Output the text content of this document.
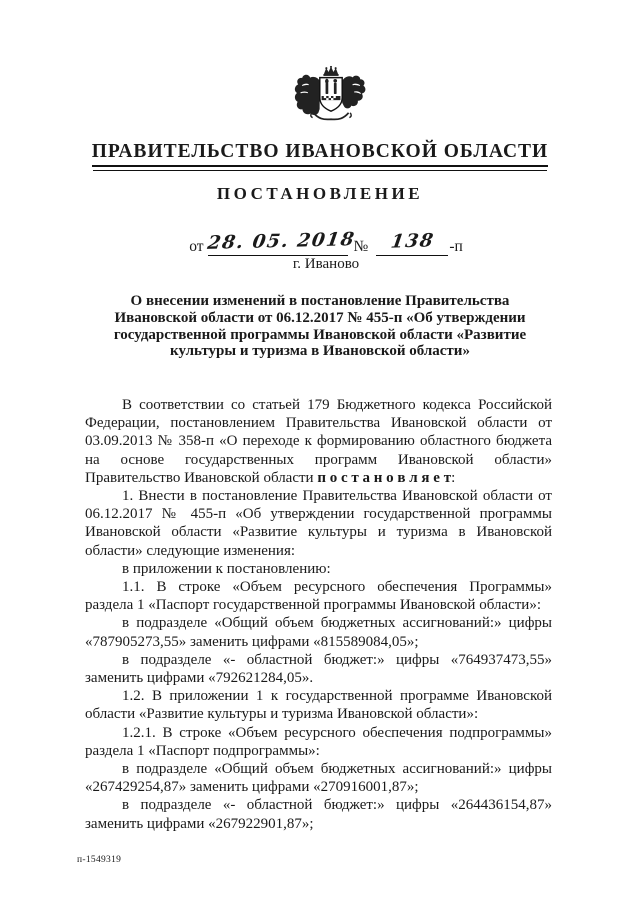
ПРАВИТЕЛЬСТВО ИВАНОВСКОЙ ОБЛАСТИ
ПОСТАНОВЛЕНИЕ
от 28. 05. 2018№ 138 -п
г. Иваново
О внесении изменений в постановление Правительства Ивановской области от 06.12.2017 № 455-п «Об утверждении государственной программы Ивановской области «Развитие культуры и туризма в Ивановской области»

В соответствии со статьей 179 Бюджетного кодекса Российской Федерации, постановлением Правительства Ивановской области от 03.09.2013 № 358-п «О переходе к формированию областного бюджета на основе государственных программ Ивановской области» Правительство Ивановской области п о с т а н о в л я е т:

1. Внести в постановление Правительства Ивановской области от 06.12.2017 № 455-п «Об утверждении государственной программы Ивановской области «Развитие культуры и туризма в Ивановской области» следующие изменения:

в приложении к постановлению:

1.1. В строке «Объем ресурсного обеспечения Программы» раздела 1 «Паспорт государственной программы Ивановской области»:

в подразделе «Общий объем бюджетных ассигнований:» цифры «787905273,55» заменить цифрами «815589084,05»;

в подразделе «- областной бюджет:» цифры «764937473,55» заменить цифрами «792621284,05».

1.2. В приложении 1 к государственной программе Ивановской области «Развитие культуры и туризма Ивановской области»:

1.2.1. В строке «Объем ресурсного обеспечения подпрограммы» раздела 1 «Паспорт подпрограммы»:

в подразделе «Общий объем бюджетных ассигнований:» цифры «267429254,87» заменить цифрами «270916001,87»;

в подразделе «- областной бюджет:» цифры «264436154,87» заменить цифрами «267922901,87»;

п-1549319
